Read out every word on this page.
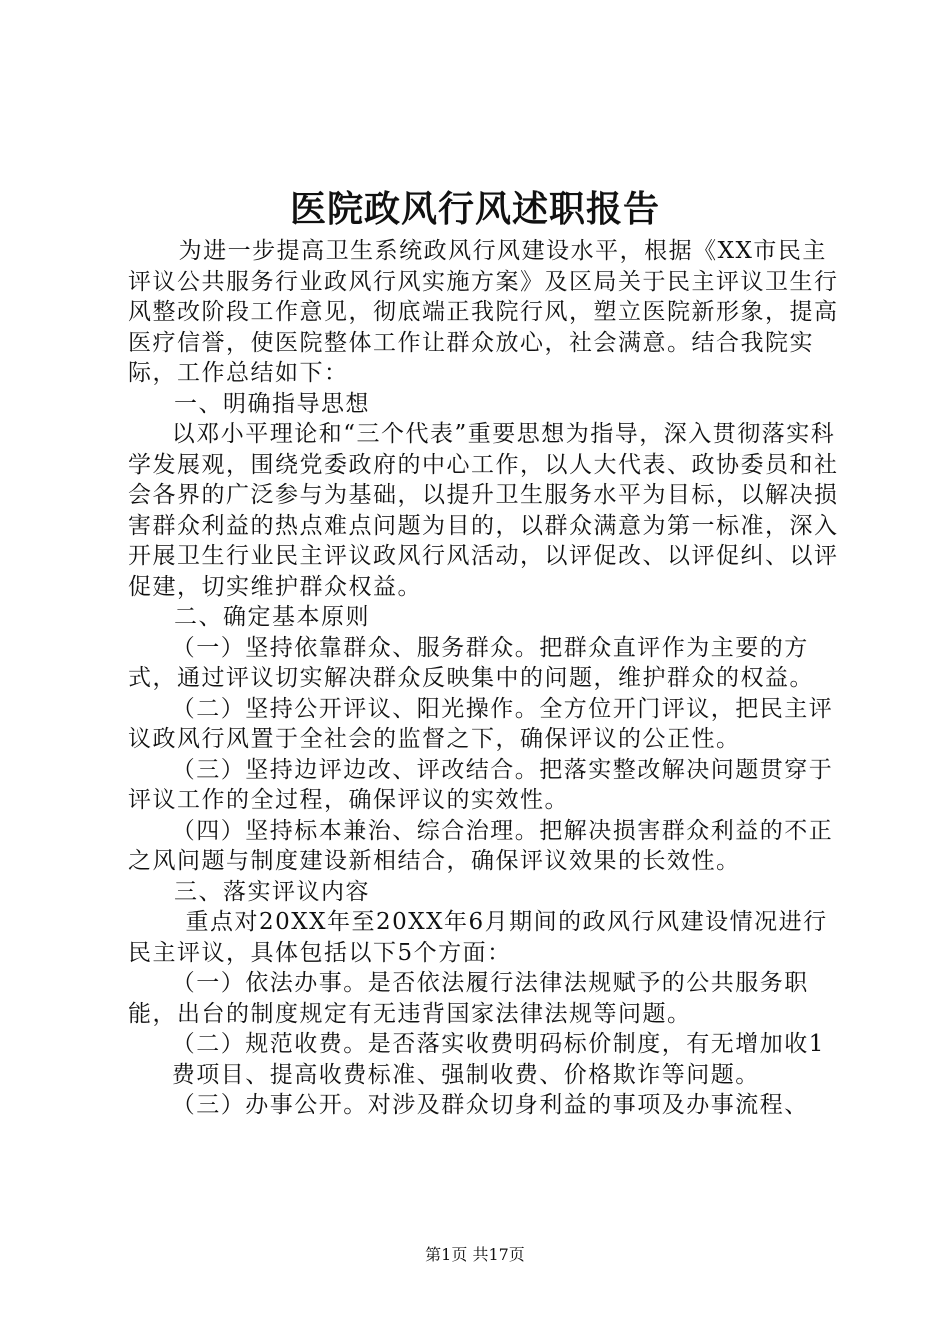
医院政风行风述职报告

为进一步提高卫生系统政风行风建设水平，根据《XX市民主评议公共服务行业政风行风实施方案》及区局关于民主评议卫生行风整改阶段工作意见，彻底端正我院行风，塑立医院新形象，提高医疗信誉，使医院整体工作让群众放心，社会满意。结合我院实际，工作总结如下：

一、明确指导思想

以邓小平理论和“三个代表”重要思想为指导，深入贯彻落实科学发展观，围绕党委政府的中心工作，以人大代表、政协委员和社会各界的广泛参与为基础，以提升卫生服务水平为目标，以解决损害群众利益的热点难点问题为目的，以群众满意为第一标准，深入开展卫生行业民主评议政风行风活动，以评促改、以评促纠、以评促建，切实维护群众权益。

二、确定基本原则

（一）坚持依靠群众、服务群众。把群众直评作为主要的方式，通过评议切实解决群众反映集中的问题，维护群众的权益。

（二）坚持公开评议、阳光操作。全方位开门评议，把民主评议政风行风置于全社会的监督之下，确保评议的公正性。

（三）坚持边评边改、评改结合。把落实整改解决问题贯穿于评议工作的全过程，确保评议的实效性。

（四）坚持标本兼治、综合治理。把解决损害群众利益的不正之风问题与制度建设新相结合，确保评议效果的长效性。

三、落实评议内容

重点对20XX年至20XX年6月期间的政风行风建设情况进行民主评议，具体包括以下5个方面：

（一）依法办事。是否依法履行法律法规赋予的公共服务职能，出台的制度规定有无违背国家法律法规等问题。

（二）规范收费。是否落实收费明码标价制度，有无增加收1

费项目、提高收费标准、强制收费、价格欺诈等问题。

（三）办事公开。对涉及群众切身利益的事项及办事流程、

第1页 共17页
